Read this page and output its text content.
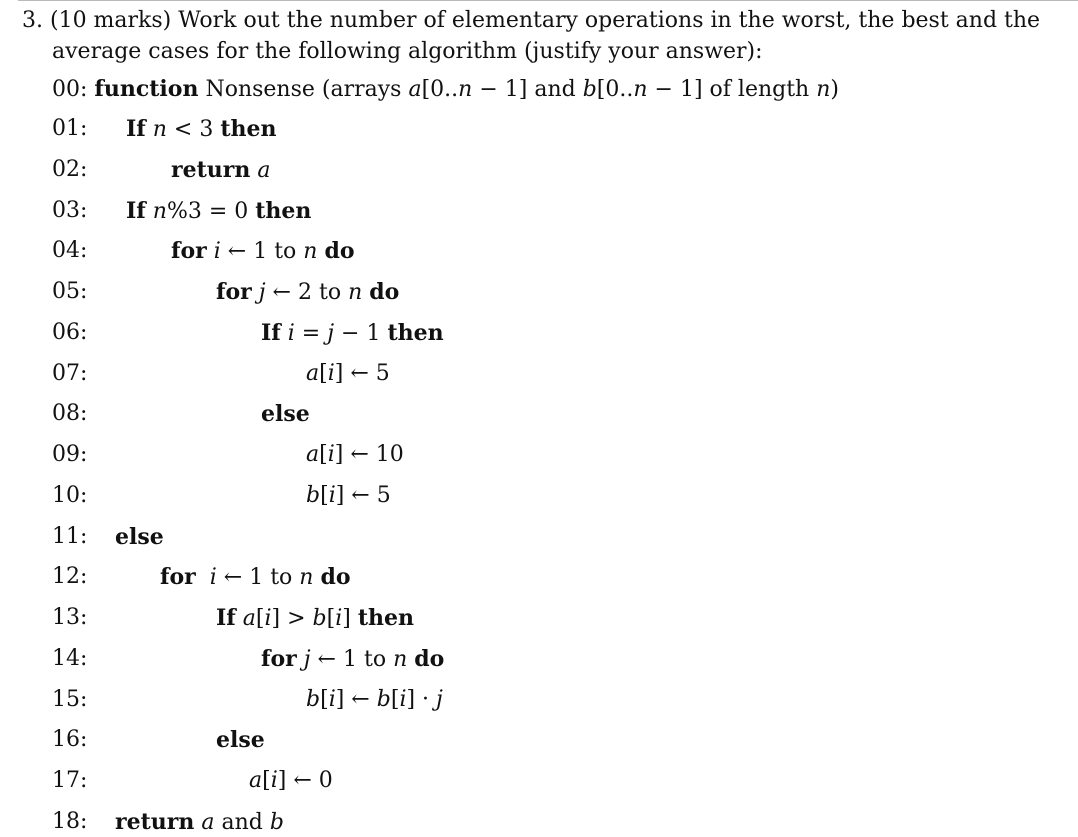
3. (10 marks) Work out the number of elementary operations in the worst, the best and the
average cases for the following algorithm (justify your answer):
00: function Nonsense (arrays a[0..n − 1] and b[0..n − 1] of length n)
01: If n < 3 then
02:	return a
03: If n%3 = 0 then
04:	for i ← 1 to n do
05:	for j ← 2 to n do
06:	If i = j − 1 then
07:	a[i] ← 5
08:	else
09:	a[i] ← 10
10:	b[i] ← 5
11: else
12:	for i ← 1 to n do
13:	If a[i] > b[i] then
14:	for j ← 1 to n do
15:	b[i] ← b[i] · j
16:	else
17:	a[i] ← 0
18: return a and b
